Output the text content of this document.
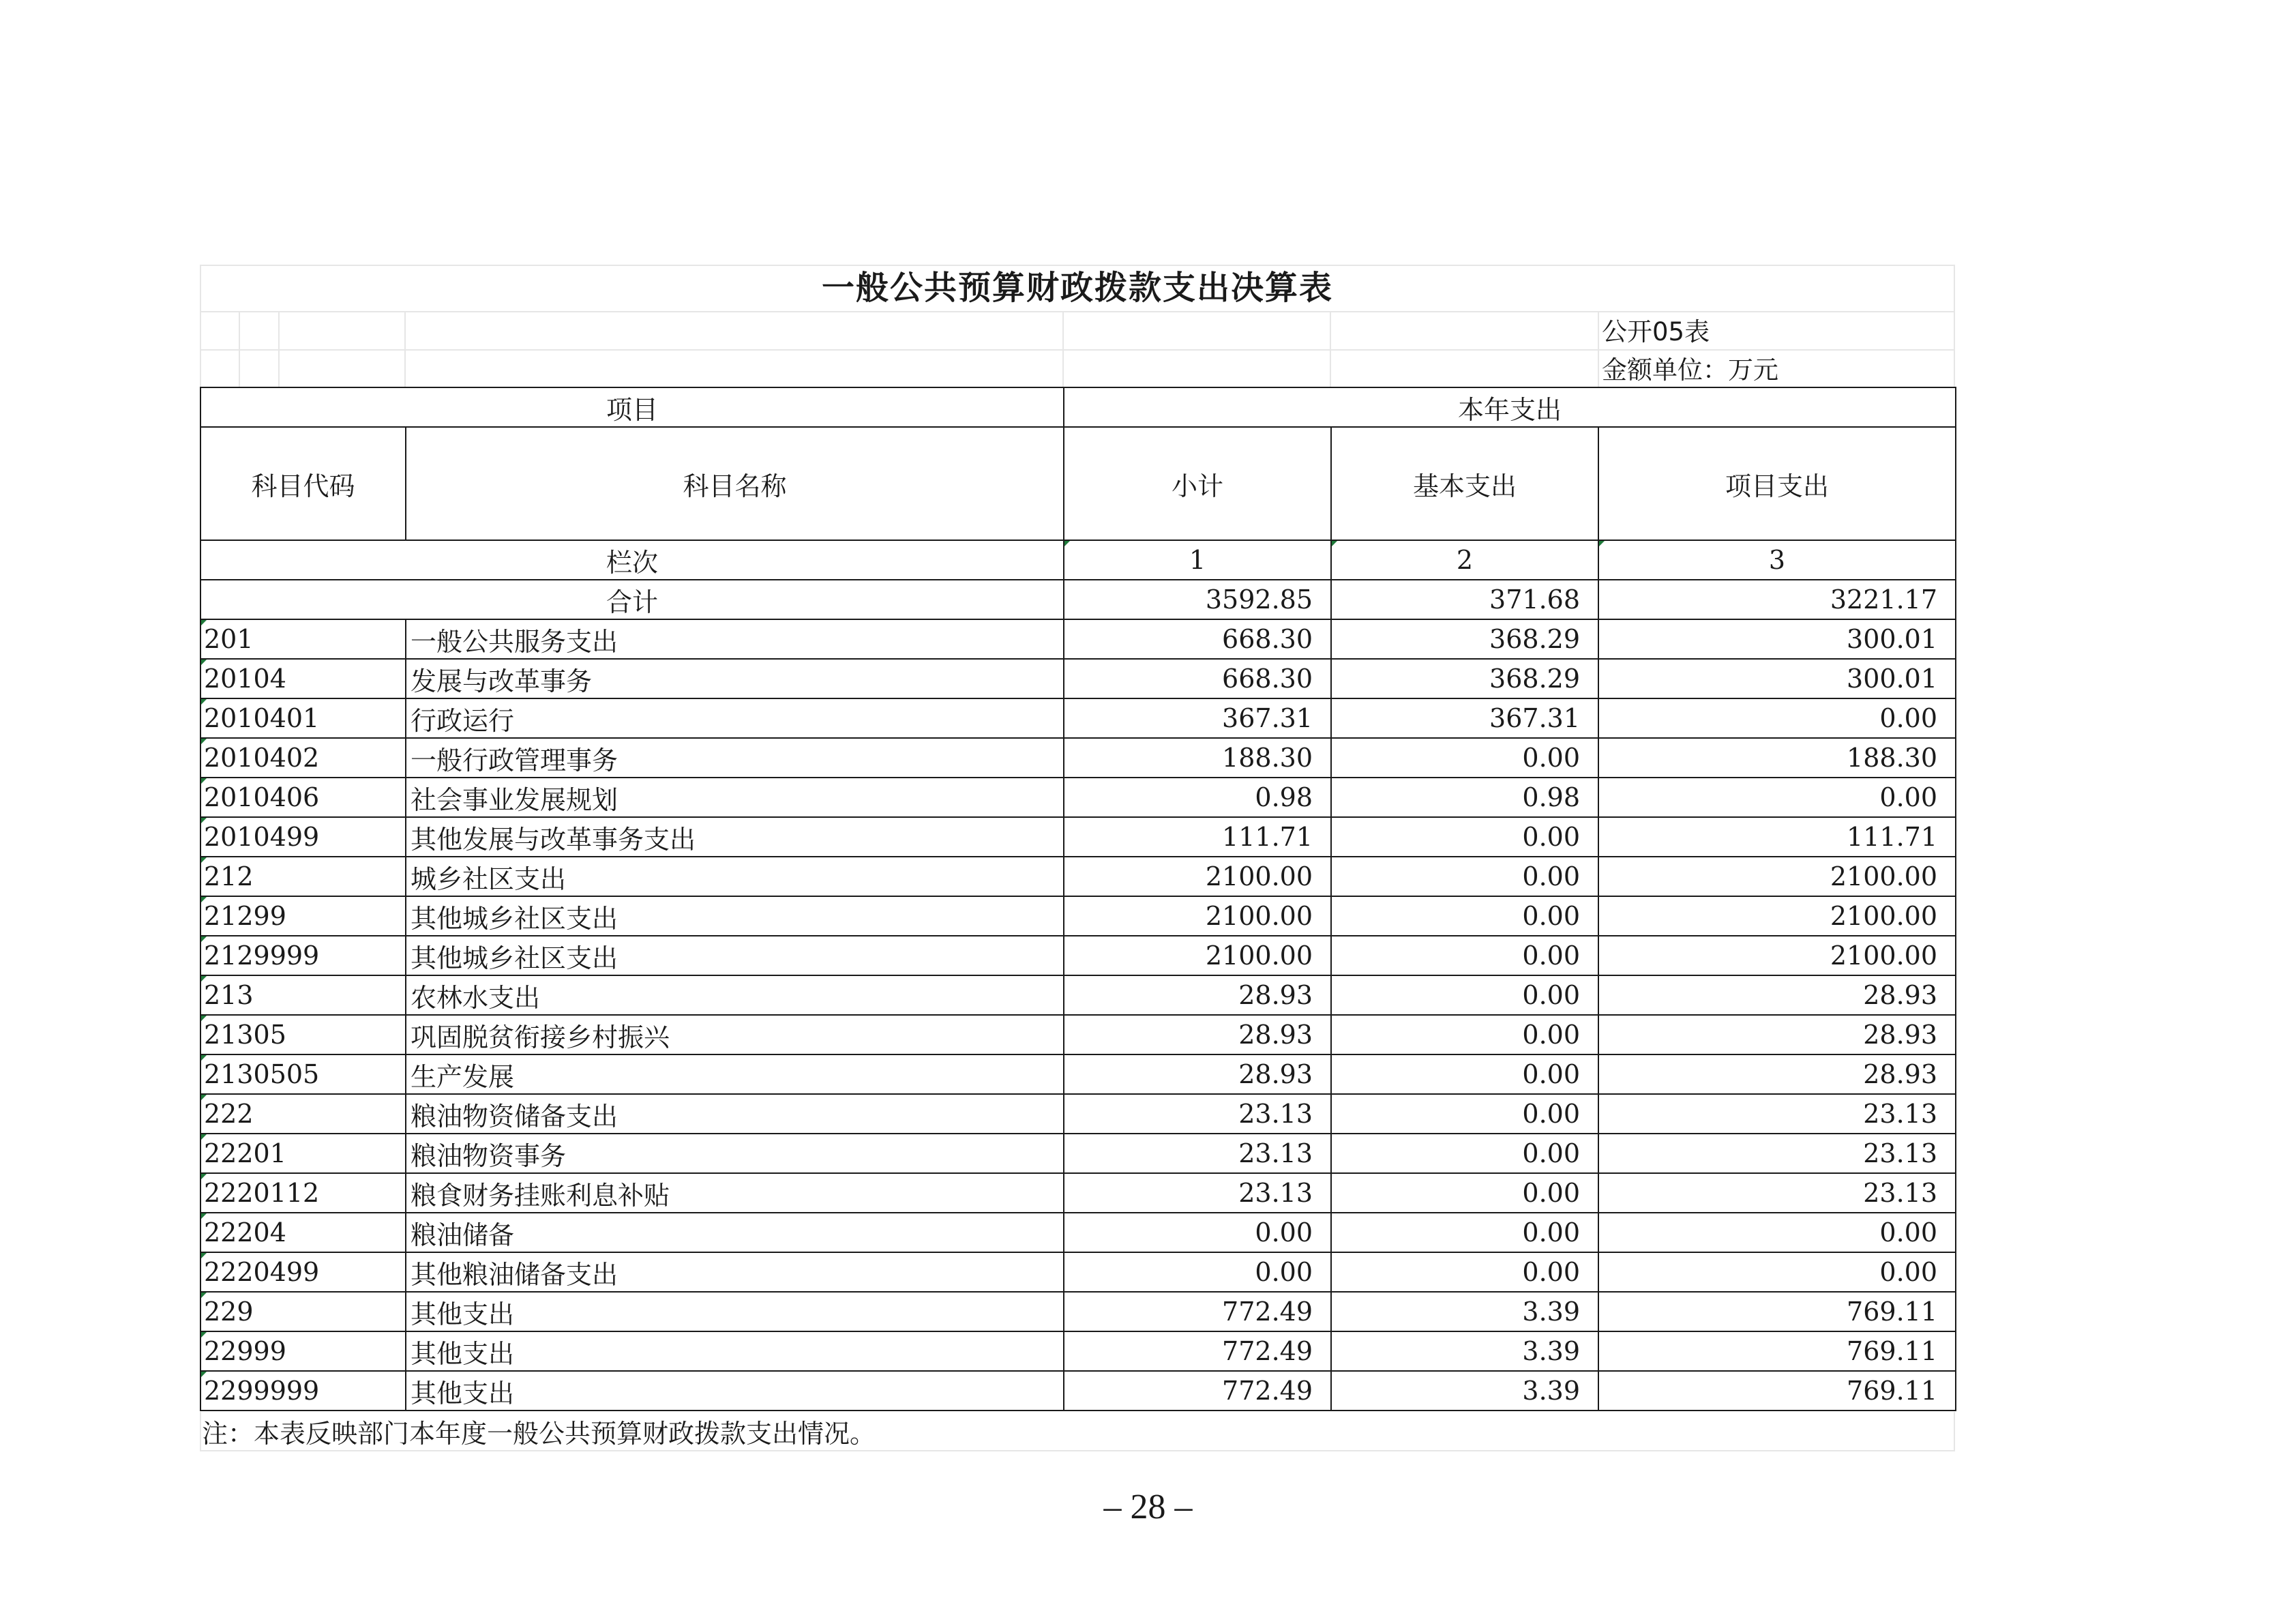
一般公共预算财政拨款支出决算表
公开05表
金额单位：万元
项目		本年支出		
科目代码	科目名称	小计	基本支出	项目支出
栏次		1	2	3
合计		3592.85	371.68	3221.17

201	一般公共服务支出	668.30	368.29	300.01

20104	发展与改革事务	668.30	368.29	300.01

2010401	行政运行	367.31	367.31	0.00

2010402	一般行政管理事务	188.30	0.00	188.30

2010406	社会事业发展规划	0.98	0.98	0.00

2010499	其他发展与改革事务支出	111.71	0.00	111.71

212	城乡社区支出	2100.00	0.00	2100.00

21299	其他城乡社区支出	2100.00	0.00	2100.00

2129999	其他城乡社区支出	2100.00	0.00	2100.00

213	农林水支出	28.93	0.00	28.93

21305	巩固脱贫衔接乡村振兴	28.93	0.00	28.93

2130505	生产发展	28.93	0.00	28.93

222	粮油物资储备支出	23.13	0.00	23.13

22201	粮油物资事务	23.13	0.00	23.13

2220112	粮食财务挂账利息补贴	23.13	0.00	23.13

22204	粮油储备	0.00	0.00	0.00

2220499	其他粮油储备支出	0.00	0.00	0.00

229	其他支出	772.49	3.39	769.11

22999	其他支出	772.49	3.39	769.11

2299999	其他支出	772.49	3.39	769.11
注：本表反映部门本年度一般公共预算财政拨款支出情况。
– 28 –
